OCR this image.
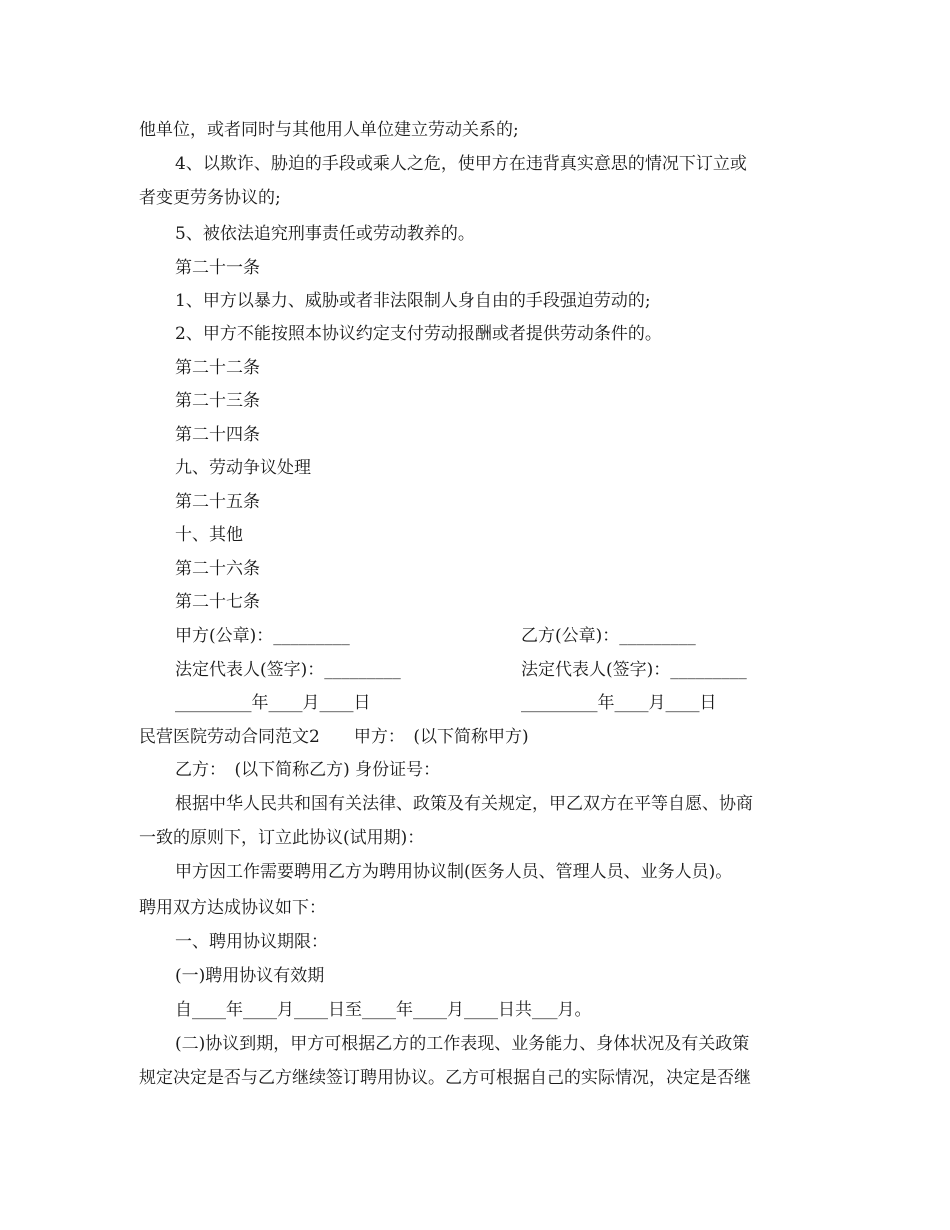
他单位，或者同时与其他用人单位建立劳动关系的;
4、以欺诈、胁迫的手段或乘人之危，使甲方在违背真实意思的情况下订立或
者变更劳务协议的;
5、被依法追究刑事责任或劳动教养的。
第二十一条
1、甲方以暴力、威胁或者非法限制人身自由的手段强迫劳动的;
2、甲方不能按照本协议约定支付劳动报酬或者提供劳动条件的。
第二十二条
第二十三条
第二十四条
九、劳动争议处理
第二十五条
十、其他
第二十六条
第二十七条
甲方(公章)：_________	乙方(公章)：_________
法定代表人(签字)：_________	法定代表人(签字)：_________
_________年____月____日	_________年____月____日
民营医院劳动合同范文2　　甲方：　(以下简称甲方)
乙方：　(以下简称乙方) 身份证号：
根据中华人民共和国有关法律、政策及有关规定，甲乙双方在平等自愿、协商
一致的原则下，订立此协议(试用期)：
甲方因工作需要聘用乙方为聘用协议制(医务人员、管理人员、业务人员)。
聘用双方达成协议如下：
一、聘用协议期限：
(一)聘用协议有效期
自____年____月____日至____年____月____日共___月。
(二)协议到期，甲方可根据乙方的工作表现、业务能力、身体状况及有关政策
规定决定是否与乙方继续签订聘用协议。乙方可根据自己的实际情况，决定是否继
